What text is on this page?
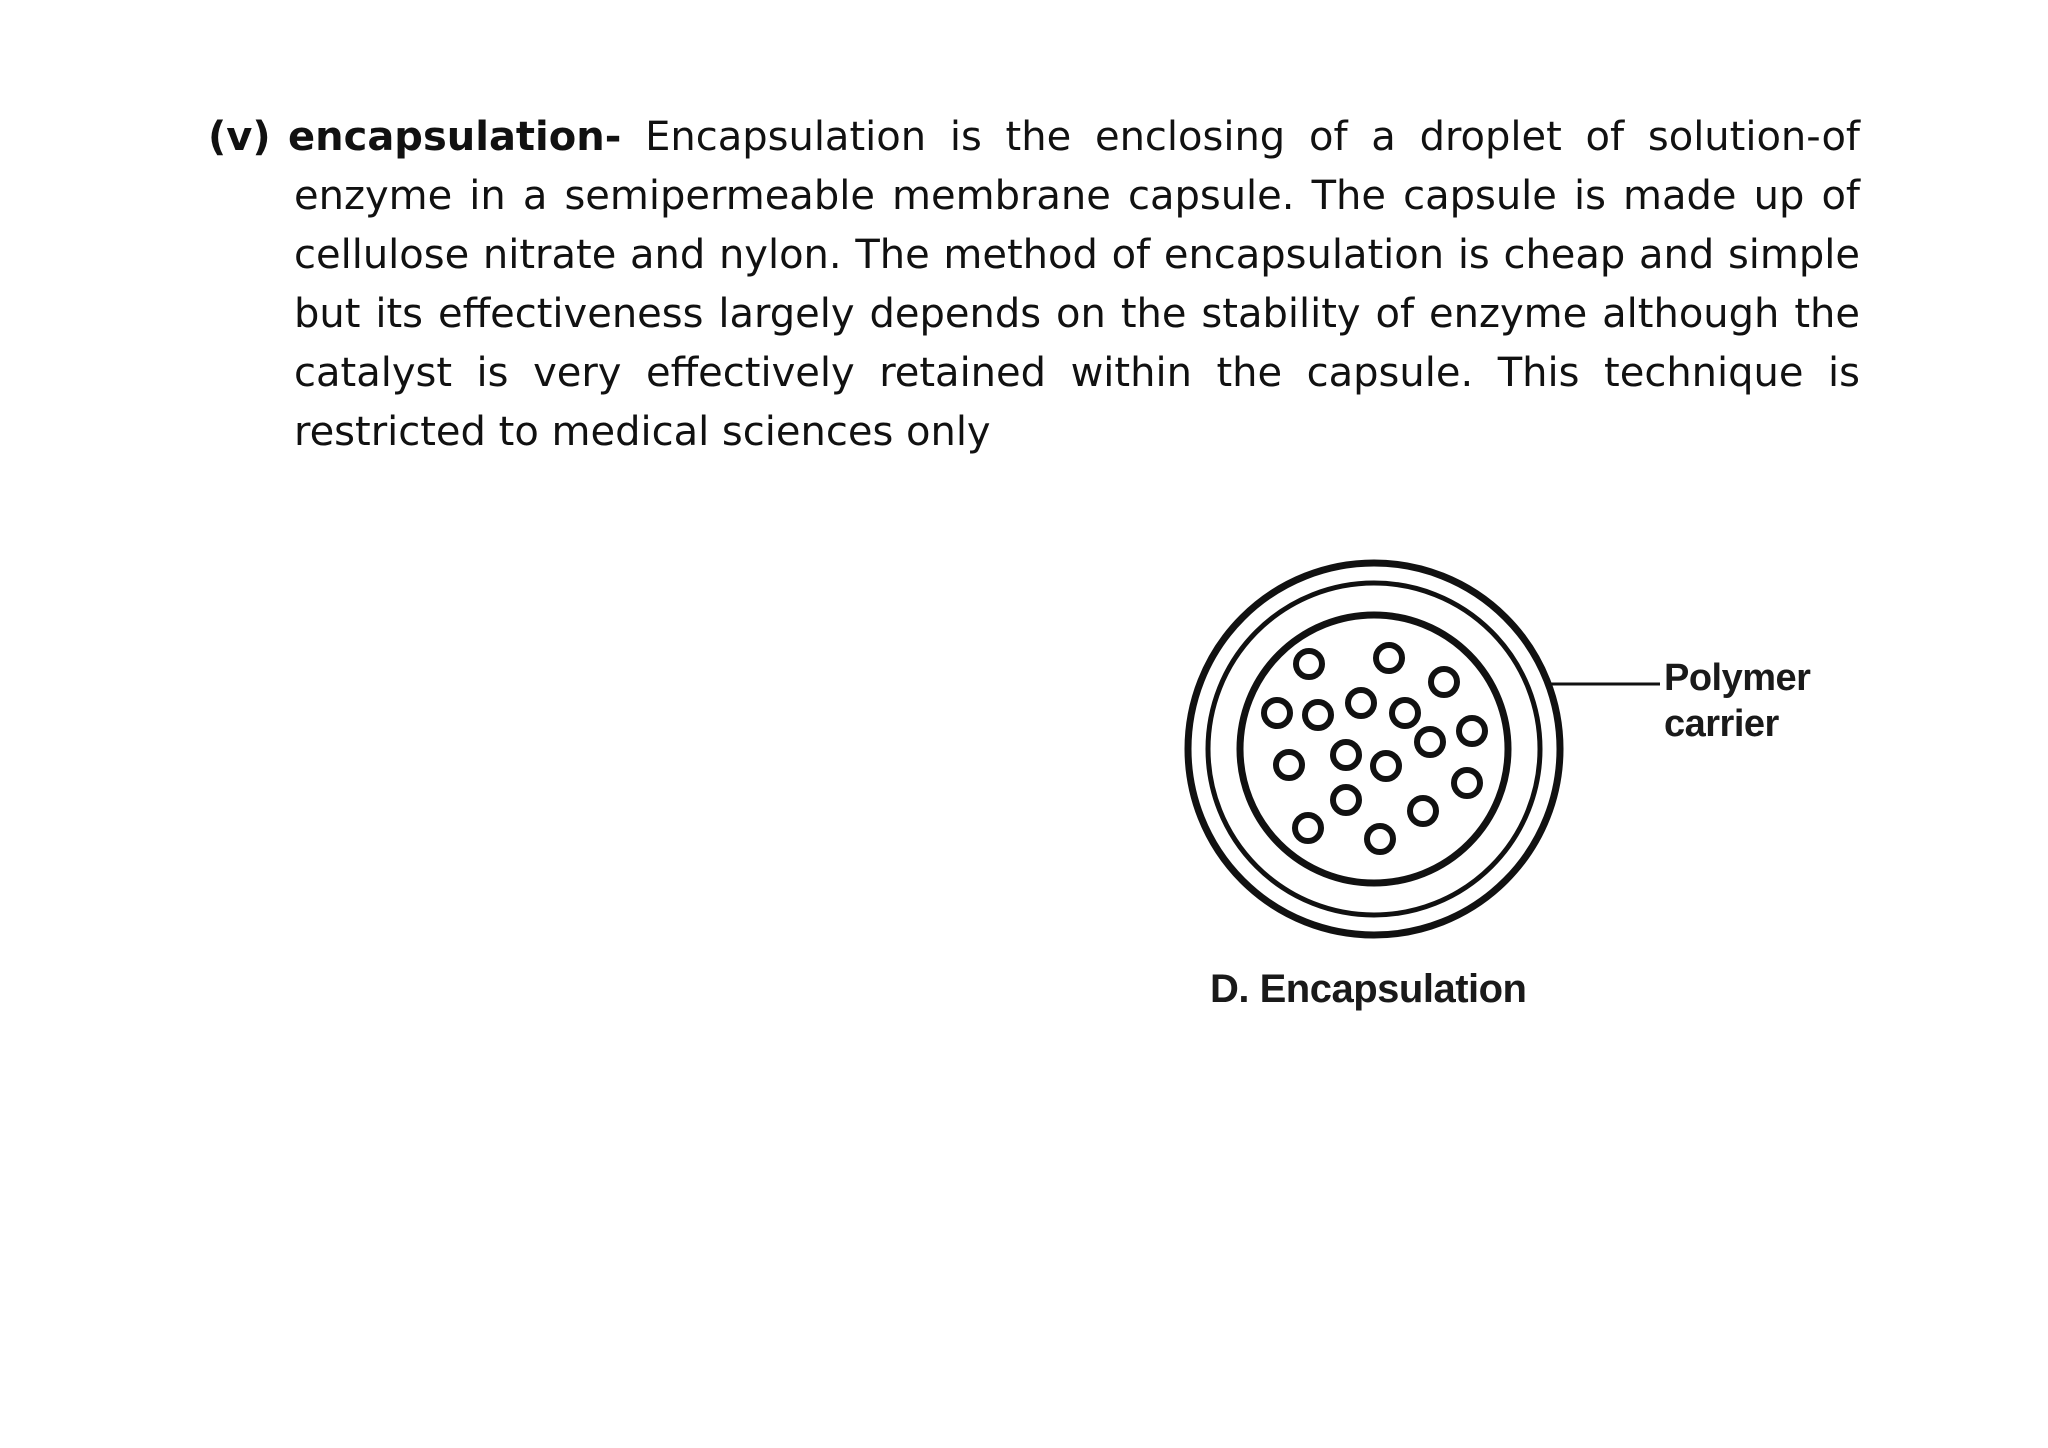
(v) encapsulation- Encapsulation is the enclosing of a droplet of solution-of
enzyme in a semipermeable membrane capsule. The capsule is made up of
cellulose nitrate and nylon. The method of encapsulation is cheap and simple
but its effectiveness largely depends on the stability of enzyme although the
catalyst is very effectively retained within the capsule. This technique is
restricted to medical sciences only
Polymer
carrier
D. Encapsulation
